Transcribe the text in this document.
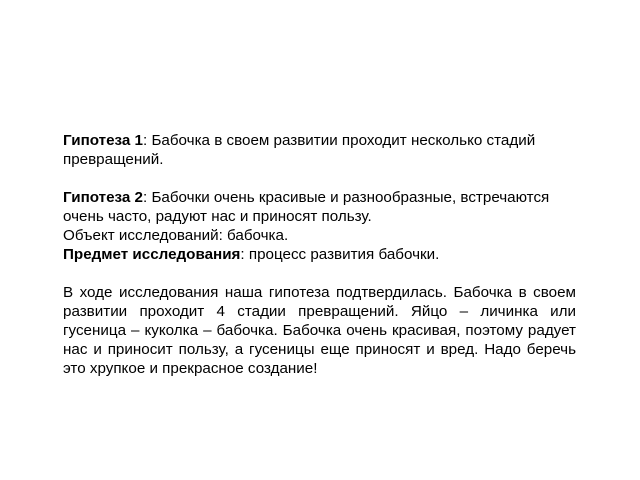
Гипотеза 1: Бабочка в своем развитии проходит несколько стадий превращений.

Гипотеза 2: Бабочки очень красивые и разнообразные, встречаются очень часто, радуют нас и приносят пользу.

Объект исследований: бабочка.

Предмет исследования: процесс развития бабочки.

В ходе исследования наша гипотеза подтвердилась. Бабочка в своем развитии проходит 4 стадии превращений. Яйцо – личинка или гусеница – куколка – бабочка. Бабочка очень красивая, поэтому радует нас и приносит пользу, а гусеницы еще приносят и вред. Надо беречь это хрупкое и прекрасное создание!
